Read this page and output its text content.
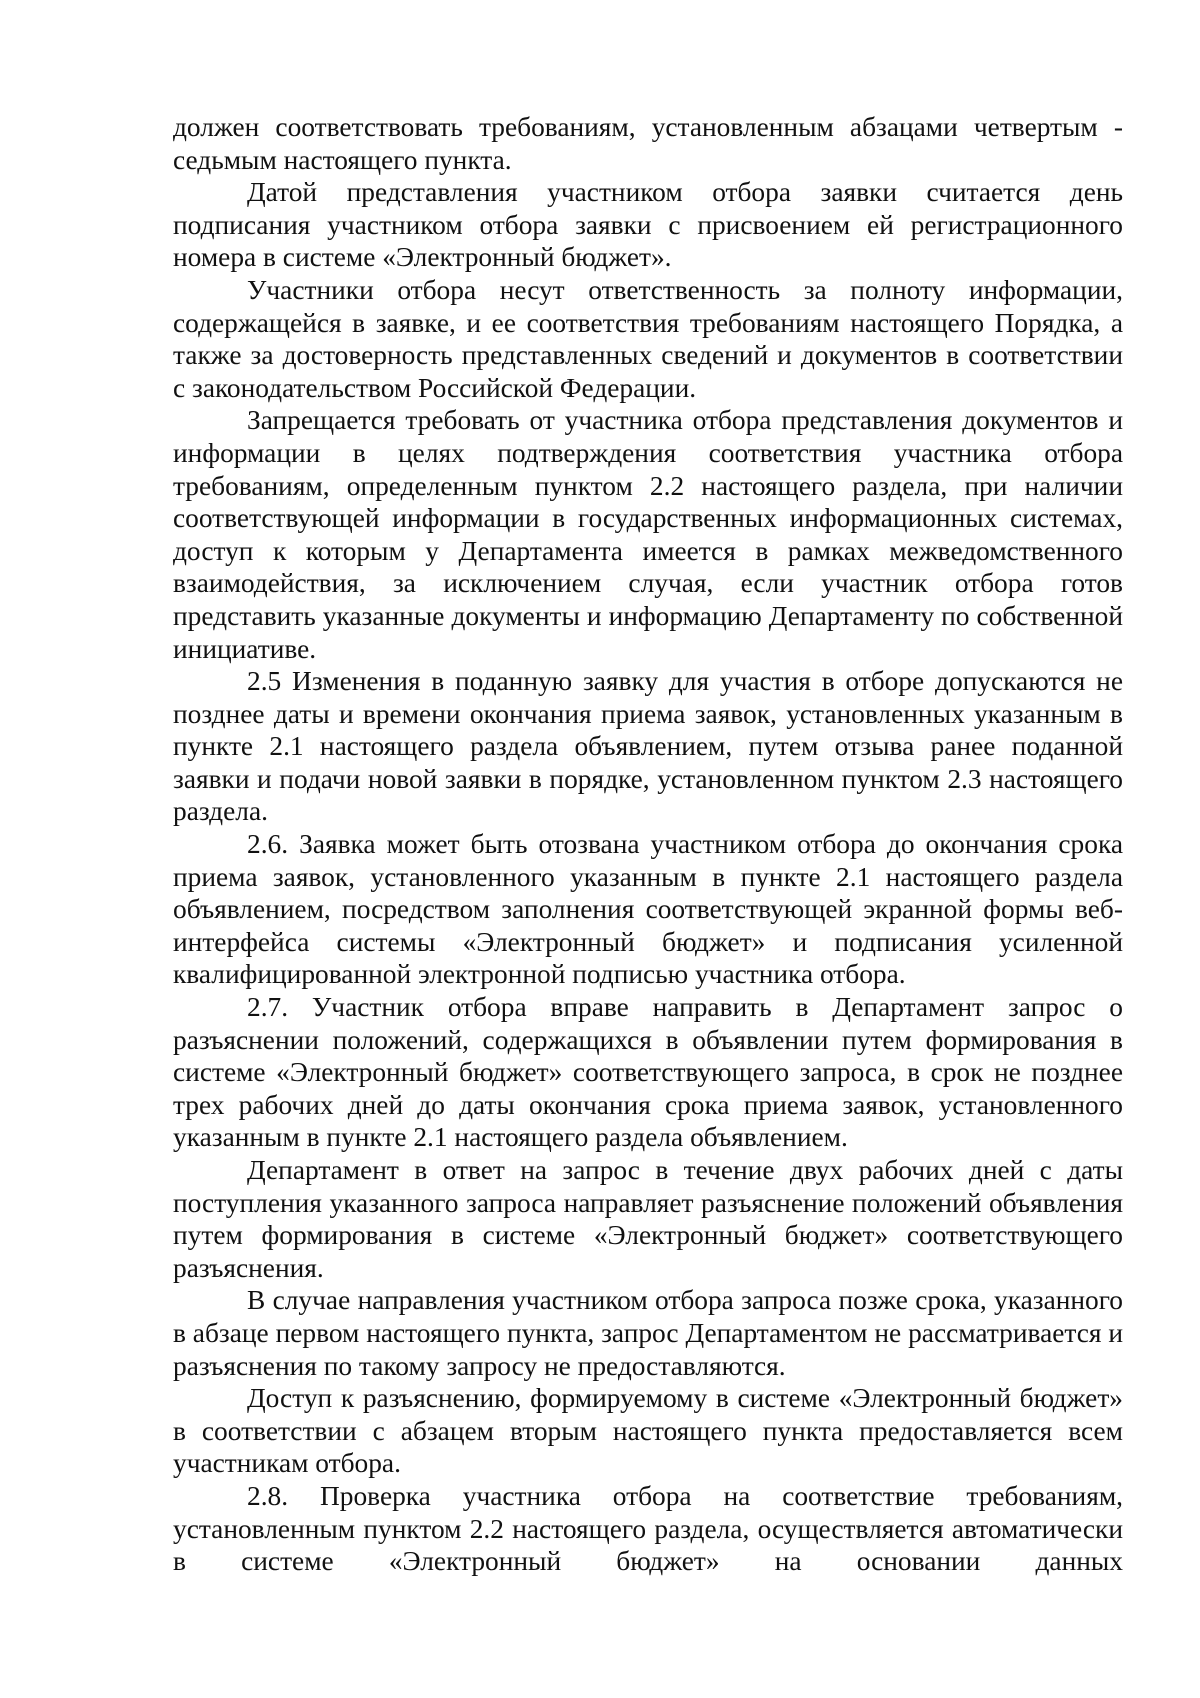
должен соответствовать требованиям, установленным абзацами четвертым - седьмым настоящего пункта.

Датой представления участником отбора заявки считается день подписания участником отбора заявки с присвоением ей регистрационного номера в системе «Электронный бюджет».

Участники отбора несут ответственность за полноту информации, содержащейся в заявке, и ее соответствия требованиям настоящего Порядка, а также за достоверность представленных сведений и документов в соответствии с законодательством Российской Федерации.

Запрещается требовать от участника отбора представления документов и информации в целях подтверждения соответствия участника отбора требованиям, определенным пунктом 2.2 настоящего раздела, при наличии соответствующей информации в государственных информационных системах, доступ к которым у Департамента имеется в рамках межведомственного взаимодействия, за исключением случая, если участник отбора готов представить указанные документы и информацию Департаменту по собственной инициативе.

2.5 Изменения в поданную заявку для участия в отборе допускаются не позднее даты и времени окончания приема заявок, установленных указанным в пункте 2.1 настоящего раздела объявлением, путем отзыва ранее поданной заявки и подачи новой заявки в порядке, установленном пунктом 2.3 настоящего раздела.

2.6. Заявка может быть отозвана участником отбора до окончания срока приема заявок, установленного указанным в пункте 2.1 настоящего раздела объявлением, посредством заполнения соответствующей экранной формы веб-интерфейса системы «Электронный бюджет» и подписания усиленной квалифицированной электронной подписью участника отбора.

2.7. Участник отбора вправе направить в Департамент запрос о разъяснении положений, содержащихся в объявлении путем формирования в системе «Электронный бюджет» соответствующего запроса, в срок не позднее трех рабочих дней до даты окончания срока приема заявок, установленного указанным в пункте 2.1 настоящего раздела объявлением.

Департамент в ответ на запрос в течение двух рабочих дней с даты поступления указанного запроса направляет разъяснение положений объявления путем формирования в системе «Электронный бюджет» соответствующего разъяснения.

В случае направления участником отбора запроса позже срока, указанного в абзаце первом настоящего пункта, запрос Департаментом не рассматривается и разъяснения по такому запросу не предоставляются.

Доступ к разъяснению, формируемому в системе «Электронный бюджет» в соответствии с абзацем вторым настоящего пункта предоставляется всем участникам отбора.

2.8. Проверка участника отбора на соответствие требованиям, установленным пунктом 2.2 настоящего раздела, осуществляется автоматически в системе «Электронный бюджет» на основании данных
